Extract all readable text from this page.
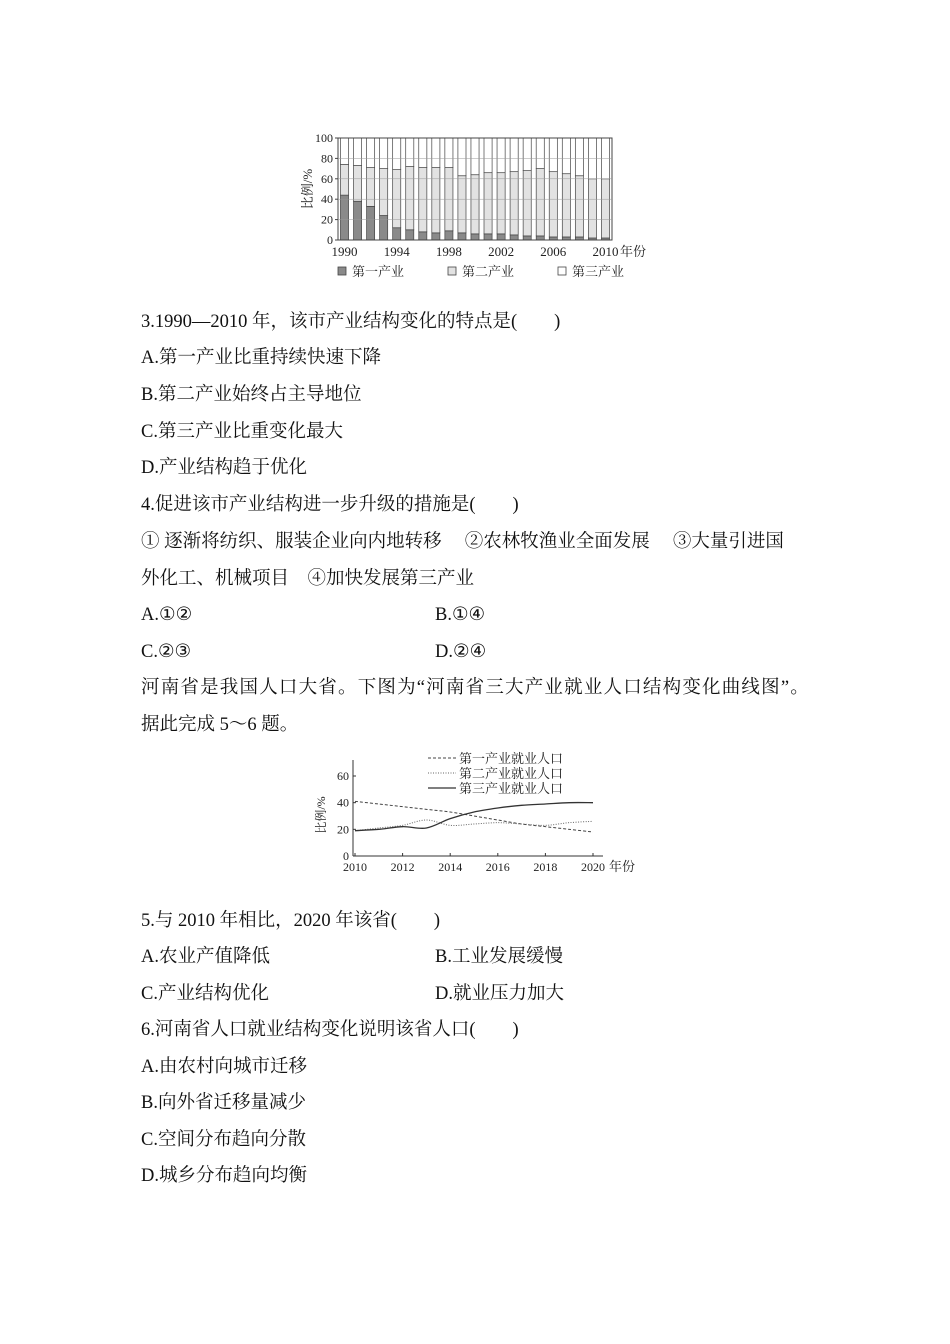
0
20
40
60
80
100
1990 1994 1998 2002 2006 2010 年份
比例/%
第一产业	第二产业	第三产业
3.1990—2010 年，该市产业结构变化的特点是(　　)
A.第一产业比重持续快速下降
B.第二产业始终占主导地位
C.第三产业比重变化最大
D.产业结构趋于优化
4.促进该市产业结构进一步升级的措施是(　　)
① 逐渐将纺织、服装企业向内地转移　 ②农林牧渔业全面发展　 ③大量引进国
外化工、机械项目　④加快发展第三产业
A.①②	B.①④
C.②③	D.②④
河南省是我国人口大省。下图为“河南省三大产业就业人口结构变化曲线图”。
据此完成 5～6 题。
0
20
40
60
2010 2012 2014 2016 2018 2020 年份
比例/%
第一产业就业人口
第二产业就业人口
第三产业就业人口
5.与 2010 年相比，2020 年该省(　　)
A.农业产值降低	B.工业发展缓慢
C.产业结构优化	D.就业压力加大
6.河南省人口就业结构变化说明该省人口(　　)
A.由农村向城市迁移
B.向外省迁移量减少
C.空间分布趋向分散
D.城乡分布趋向均衡
